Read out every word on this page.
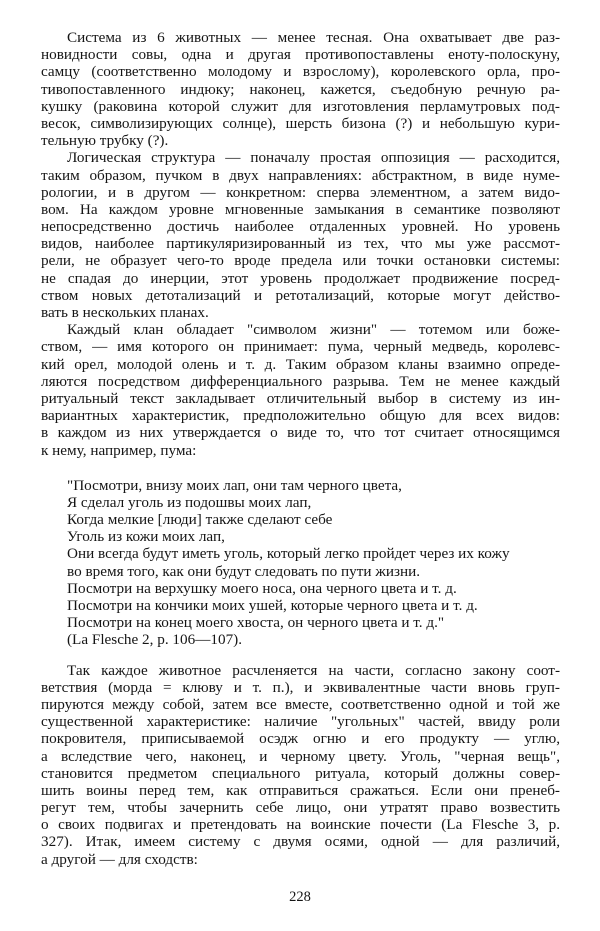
Система из 6 животных — менее тесная. Она охватывает две раз-
новидности совы, одна и другая противопоставлены еноту-полоскуну,
самцу (соответственно молодому и взрослому), королевского орла, про-
тивопоставленного индюку; наконец, кажется, съедобную речную ра-
кушку (раковина которой служит для изготовления перламутровых под-
весок, символизирующих солнце), шерсть бизона (?) и небольшую кури-
тельную трубку (?).
Логическая структура — поначалу простая оппозиция — расходится,
таким образом, пучком в двух направлениях: абстрактном, в виде нуме-
рологии, и в другом — конкретном: сперва элементном, а затем видо-
вом. На каждом уровне мгновенные замыкания в семантике позволяют
непосредственно достичь наиболее отдаленных уровней. Но уровень
видов, наиболее партикуляризированный из тех, что мы уже рассмот-
рели, не образует чего-то вроде предела или точки остановки системы:
не спадая до инерции, этот уровень продолжает продвижение посред-
ством новых детотализаций и ретотализаций, которые могут действо-
вать в нескольких планах.
Каждый клан обладает "символом жизни" — тотемом или боже-
ством, — имя которого он принимает: пума, черный медведь, королевс-
кий орел, молодой олень и т. д. Таким образом кланы взаимно опреде-
ляются посредством дифференциального разрыва. Тем не менее каждый
ритуальный текст закладывает отличительный выбор в систему из ин-
вариантных характеристик, предположительно общую для всех видов:
в каждом из них утверждается о виде то, что тот считает относящимся
к нему, например, пума:
"Посмотри, внизу моих лап, они там черного цвета,
Я сделал уголь из подошвы моих лап,
Когда мелкие [люди] также сделают себе
Уголь из кожи моих лап,
Они всегда будут иметь уголь, который легко пройдет через их кожу
во время того, как они будут следовать по пути жизни.
Посмотри на верхушку моего носа, она черного цвета и т. д.
Посмотри на кончики моих ушей, которые черного цвета и т. д.
Посмотри на конец моего хвоста, он черного цвета и т. д."
(La Flesche 2, p. 106—107).
Так каждое животное расчленяется на части, согласно закону соот-
ветствия (морда = клюву и т. п.), и эквивалентные части вновь груп-
пируются между собой, затем все вместе, соответственно одной и той же
существенной характеристике: наличие "угольных" частей, ввиду роли
покровителя, приписываемой осэдж огню и его продукту — углю,
а вследствие чего, наконец, и черному цвету. Уголь, "черная вещь",
становится предметом специального ритуала, который должны совер-
шить воины перед тем, как отправиться сражаться. Если они пренеб-
регут тем, чтобы зачернить себе лицо, они утратят право возвестить
о своих подвигах и претендовать на воинские почести (La Flesche 3, p.
327). Итак, имеем систему с двумя осями, одной — для различий,
а другой — для сходств:
228
